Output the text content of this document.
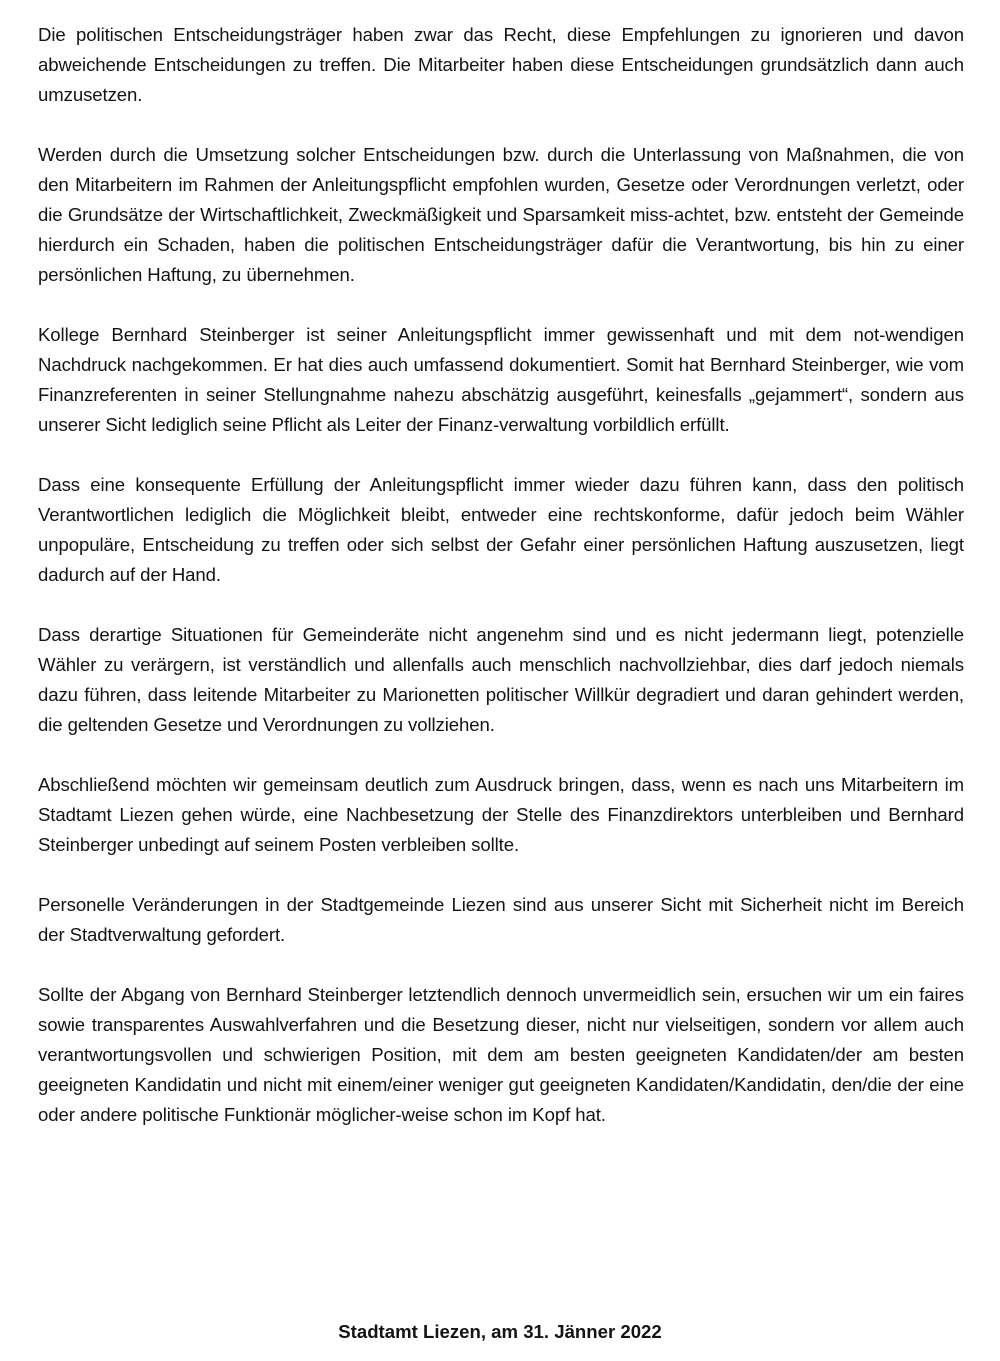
Die politischen Entscheidungsträger haben zwar das Recht, diese Empfehlungen zu ignorieren und davon abweichende Entscheidungen zu treffen. Die Mitarbeiter haben diese Entscheidungen grundsätzlich dann auch umzusetzen.

Werden durch die Umsetzung solcher Entscheidungen bzw. durch die Unterlassung von Maßnahmen, die von den Mitarbeitern im Rahmen der Anleitungspflicht empfohlen wurden, Gesetze oder Verordnungen verletzt, oder die Grundsätze der Wirtschaftlichkeit, Zweckmäßigkeit und Sparsamkeit miss-achtet, bzw. entsteht der Gemeinde hierdurch ein Schaden, haben die politischen Entscheidungsträger dafür die Verantwortung, bis hin zu einer persönlichen Haftung, zu übernehmen.

Kollege Bernhard Steinberger ist seiner Anleitungspflicht immer gewissenhaft und mit dem not-wendigen Nachdruck nachgekommen. Er hat dies auch umfassend dokumentiert. Somit hat Bernhard Steinberger, wie vom Finanzreferenten in seiner Stellungnahme nahezu abschätzig ausgeführt, keinesfalls „gejammert“, sondern aus unserer Sicht lediglich seine Pflicht als Leiter der Finanz-verwaltung vorbildlich erfüllt.

Dass eine konsequente Erfüllung der Anleitungspflicht immer wieder dazu führen kann, dass den politisch Verantwortlichen lediglich die Möglichkeit bleibt, entweder eine rechtskonforme, dafür jedoch beim Wähler unpopuläre, Entscheidung zu treffen oder sich selbst der Gefahr einer persönlichen Haftung auszusetzen, liegt dadurch auf der Hand.

Dass derartige Situationen für Gemeinderäte nicht angenehm sind und es nicht jedermann liegt, potenzielle Wähler zu verärgern, ist verständlich und allenfalls auch menschlich nachvollziehbar, dies darf jedoch niemals dazu führen, dass leitende Mitarbeiter zu Marionetten politischer Willkür degradiert und daran gehindert werden, die geltenden Gesetze und Verordnungen zu vollziehen.

Abschließend möchten wir gemeinsam deutlich zum Ausdruck bringen, dass, wenn es nach uns Mitarbeitern im Stadtamt Liezen gehen würde, eine Nachbesetzung der Stelle des Finanzdirektors unterbleiben und Bernhard Steinberger unbedingt auf seinem Posten verbleiben sollte.

Personelle Veränderungen in der Stadtgemeinde Liezen sind aus unserer Sicht mit Sicherheit nicht im Bereich der Stadtverwaltung gefordert.

Sollte der Abgang von Bernhard Steinberger letztendlich dennoch unvermeidlich sein, ersuchen wir um ein faires sowie transparentes Auswahlverfahren und die Besetzung dieser, nicht nur vielseitigen, sondern vor allem auch verantwortungsvollen und schwierigen Position, mit dem am besten geeigneten Kandidaten/der am besten geeigneten Kandidatin und nicht mit einem/einer weniger gut geeigneten Kandidaten/Kandidatin, den/die der eine oder andere politische Funktionär möglicher-weise schon im Kopf hat.

Stadtamt Liezen, am 31. Jänner 2022
